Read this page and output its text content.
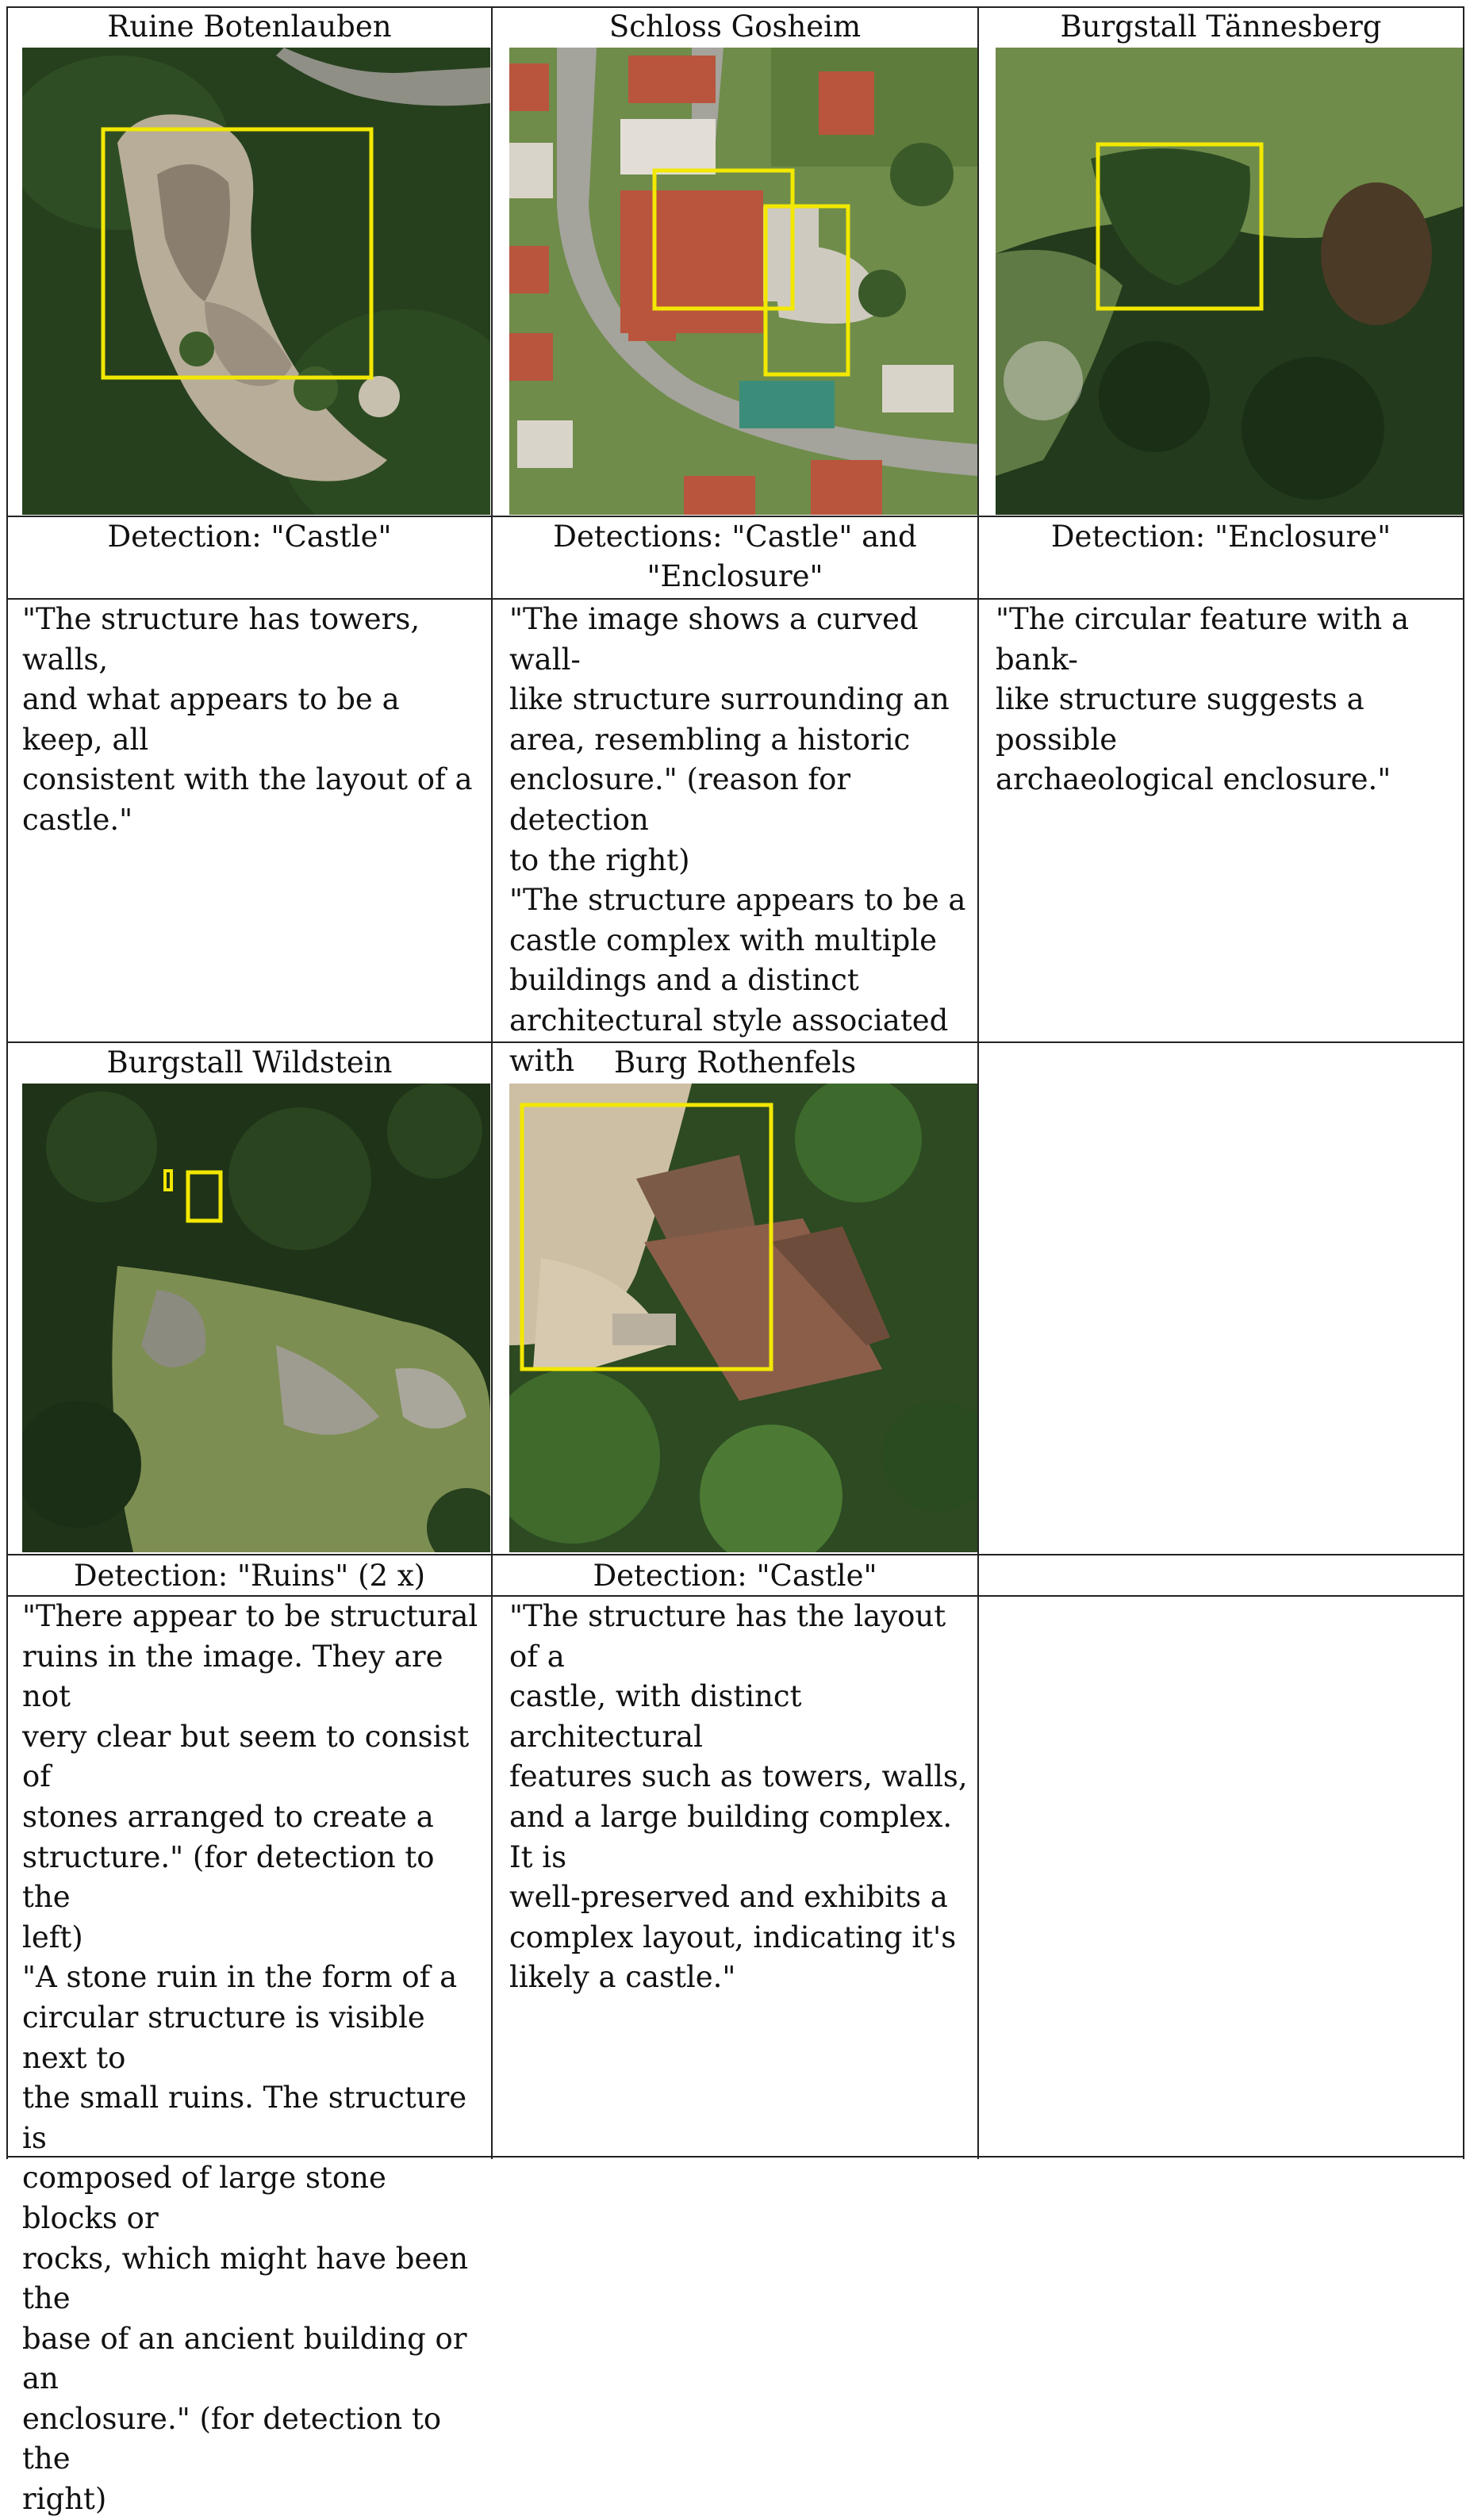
Ruine Botenlauben
Detection: "Castle"
"The structure has towers, walls,
and what appears to be a keep, all
consistent with the layout of a
castle."
Schloss Gosheim
Detections: "Castle" and
"Enclosure"
"The image shows a curved wall-
like structure surrounding an
area, resembling a historic
enclosure." (reason for detection
to the right)
"The structure appears to be a
castle complex with multiple
buildings and a distinct
architectural style associated with

Burgstall Tännesberg
Detection: "Enclosure"
"The circular feature with a bank-
like structure suggests a possible
archaeological enclosure."
Burgstall Wildstein
Detection: "Ruins" (2 x)
"There appear to be structural
ruins in the image. They are not
very clear but seem to consist of
stones arranged to create a
structure." (for detection to the
left)
"A stone ruin in the form of a
circular structure is visible next to
the small ruins. The structure is
composed of large stone blocks or
rocks, which might have been the
base of an ancient building or an
enclosure." (for detection to the
right)
Burg Rothenfels
Detection: "Castle"
"The structure has the layout of a
castle, with distinct architectural
features such as towers, walls,
and a large building complex. It is
well-preserved and exhibits a
complex layout, indicating it's
likely a castle."
